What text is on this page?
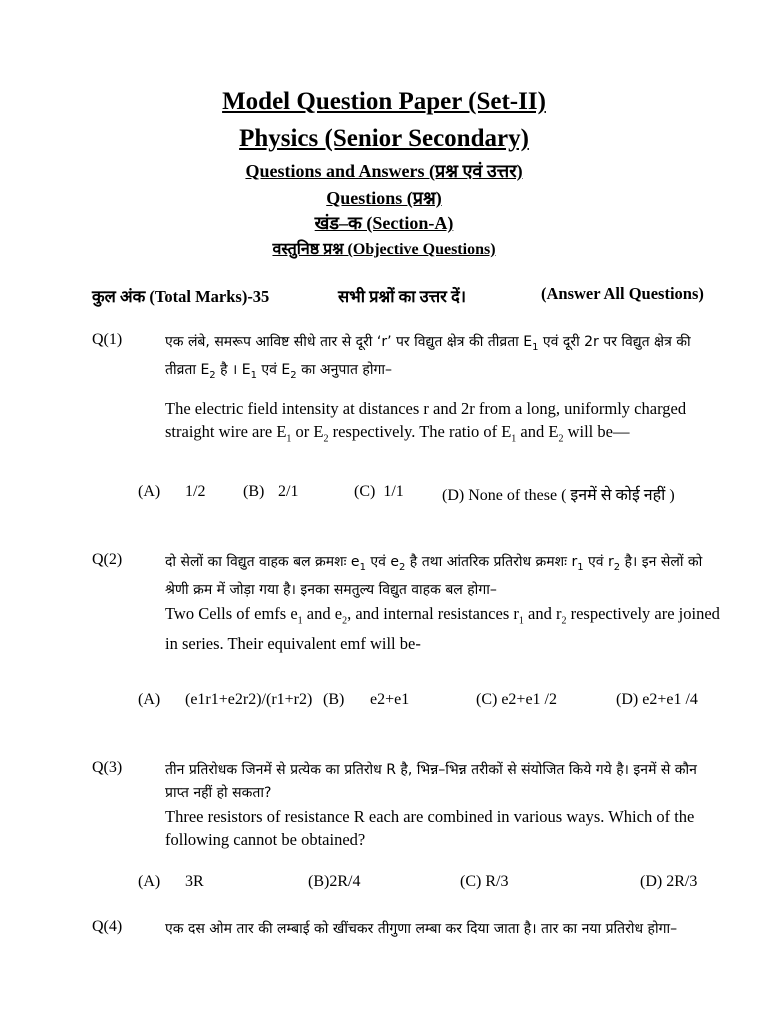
Model Question Paper (Set-II)
Physics (Senior Secondary)
Questions and Answers (प्रश्न एवं उत्तर)
Questions (प्रश्न)
खंड–क (Section-A)
वस्तुनिष्ठ प्रश्न (Objective Questions)
कुल अंक (Total Marks)-35	सभी प्रश्नों का उत्तर दें।	(Answer All Questions)
Q(1)	एक लंबे, समरूप आविष्ट सीधे तार से दूरी ‘r’ पर विद्युत क्षेत्र की तीव्रता $E_1$ एवं दूरी 2r पर विद्युत क्षेत्र की तीव्रता $E_2$ है । $E_1$ एवं $E_2$ का अनुपात होगा–
The electric field intensity at distances r and 2r from a long, uniformly charged straight wire are $E_1$ or $E_2$ respectively. The ratio of $E_1$ and $E_2$ will be—
(A) 1/2 (B) 2/1	(C) 1/1 (D) None of these ( इनमें से कोई नहीं )
Q(2)	दो सेलों का विद्युत वाहक बल क्रमशः $e_1$ एवं $e_2$ है तथा आंतरिक प्रतिरोध क्रमशः $r_1$ एवं $r_2$ है। इन सेलों को श्रेणी क्रम में जोड़ा गया है। इनका समतुल्य विद्युत वाहक बल होगा–
Two Cells of emfs $e_1$ and $e_2$, and internal resistances $r_1$ and $r_2$ respectively are joined in series. Their equivalent emf will be-
(A) (e1r1+e2r2)/(r1+r2) (B) e2+e1	(C) e2+e1 /2	(D) e2+e1 /4
Q(3)	तीन प्रतिरोधक जिनमें से प्रत्येक का प्रतिरोध R है, भिन्न–भिन्न तरीकों से संयोजित किये गये है। इनमें से कौन प्राप्त नहीं हो सकता?
Three resistors of resistance R each are combined in various ways. Which of the following cannot be obtained?
(A) 3R	(B)2R/4	(C) R/3	(D) 2R/3
Q(4)	एक दस ओम तार की लम्बाई को खींचकर तीगुणा लम्बा कर दिया जाता है। तार का नया प्रतिरोध होगा–
